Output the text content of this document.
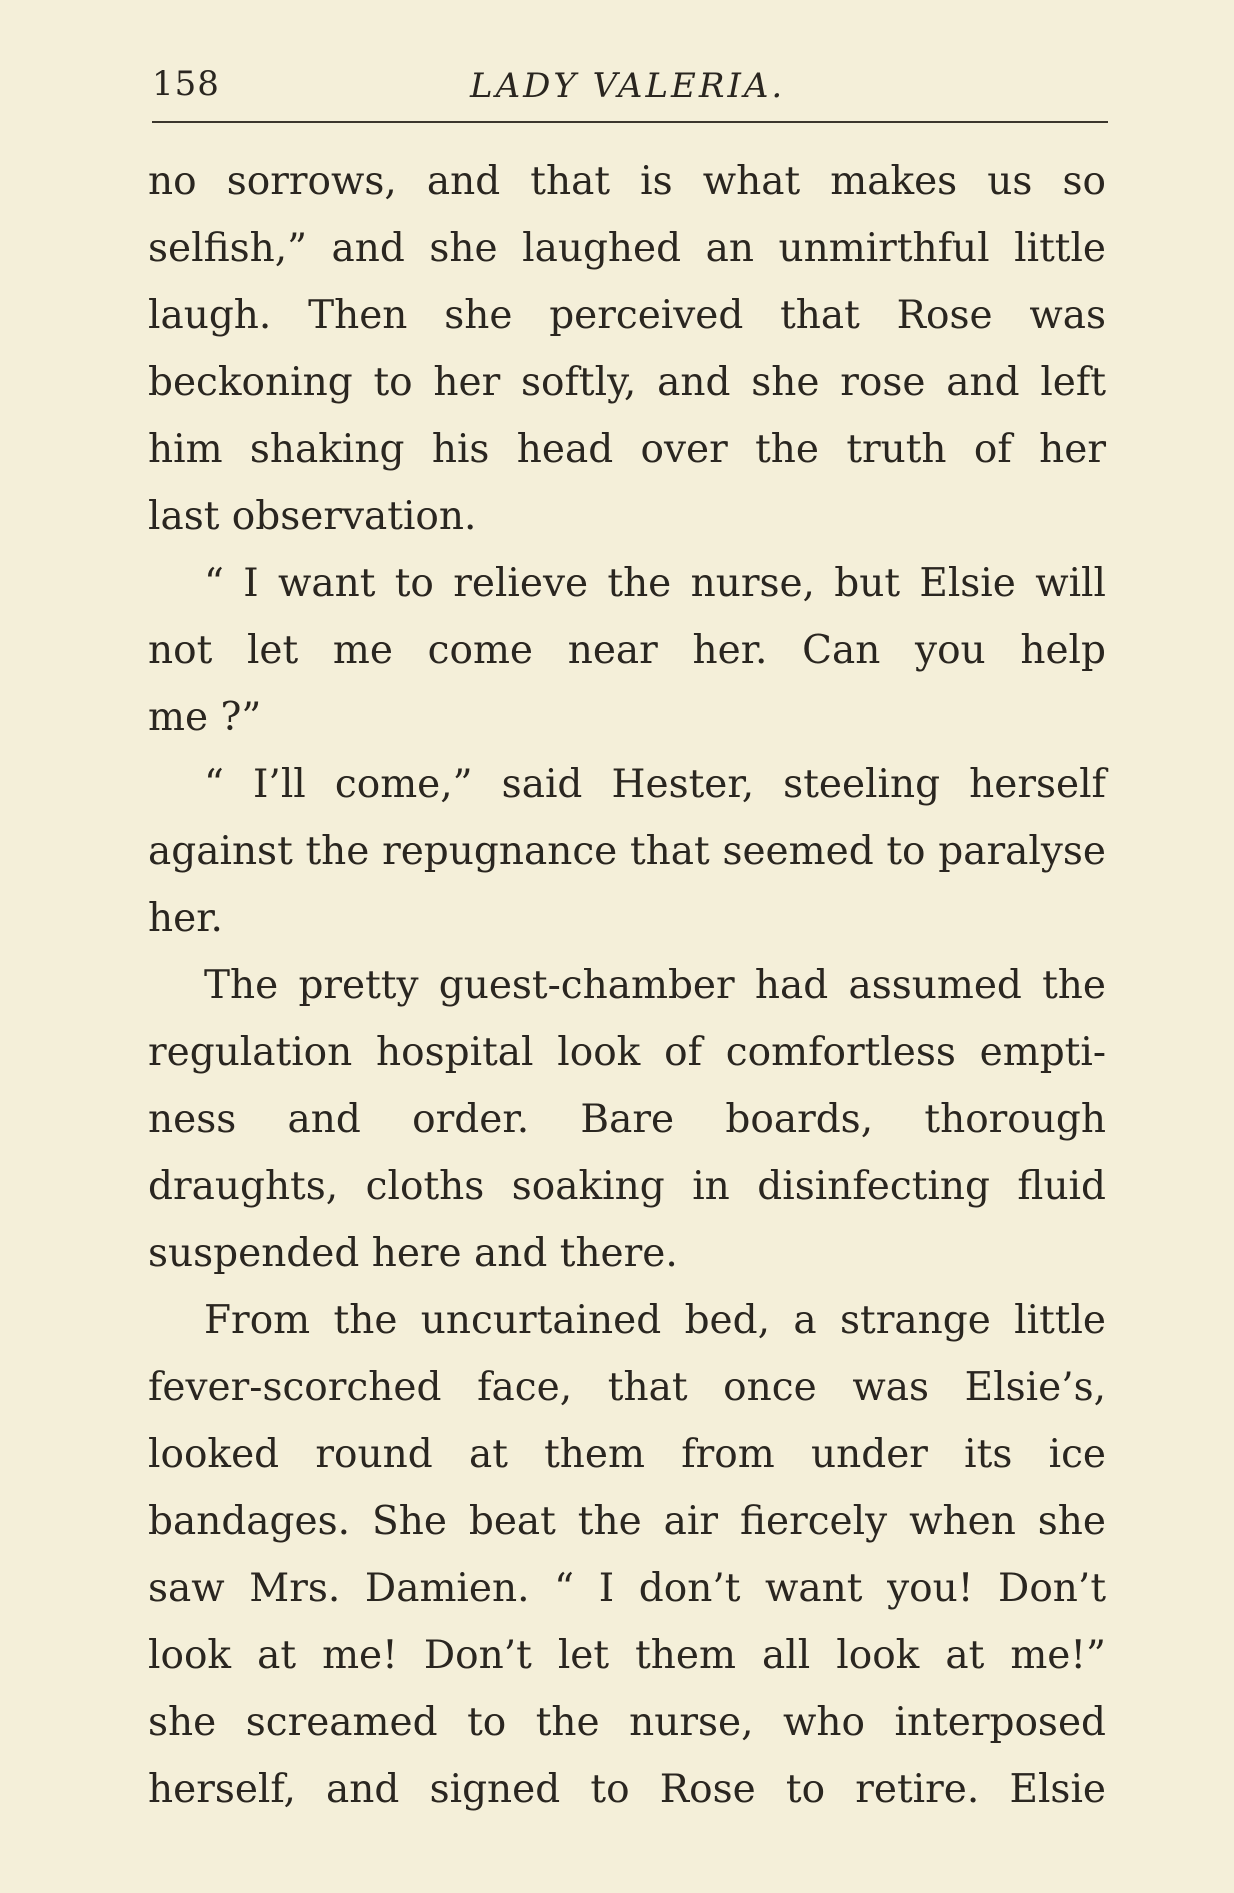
158	LADY VALERIA.
no sorrows, and that is what makes us so
selfish,” and she laughed an unmirthful little
laugh. Then she perceived that Rose was
beckoning to her softly, and she rose and left
him shaking his head over the truth of her
last observation.
“ I want to relieve the nurse, but Elsie will
not let me come near her. Can you help
me ?”
“ I’ll come,” said Hester, steeling herself
against the repugnance that seemed to paralyse
her.
The pretty guest-chamber had assumed the
regulation hospital look of comfortless empti-
ness and order. Bare boards, thorough
draughts, cloths soaking in disinfecting fluid
suspended here and there.
From the uncurtained bed, a strange little
fever-scorched face, that once was Elsie’s,
looked round at them from under its ice
bandages. She beat the air fiercely when she
saw Mrs. Damien. “ I don’t want you! Don’t
look at me! Don’t let them all look at me!”
she screamed to the nurse, who interposed
herself, and signed to Rose to retire. Elsie
